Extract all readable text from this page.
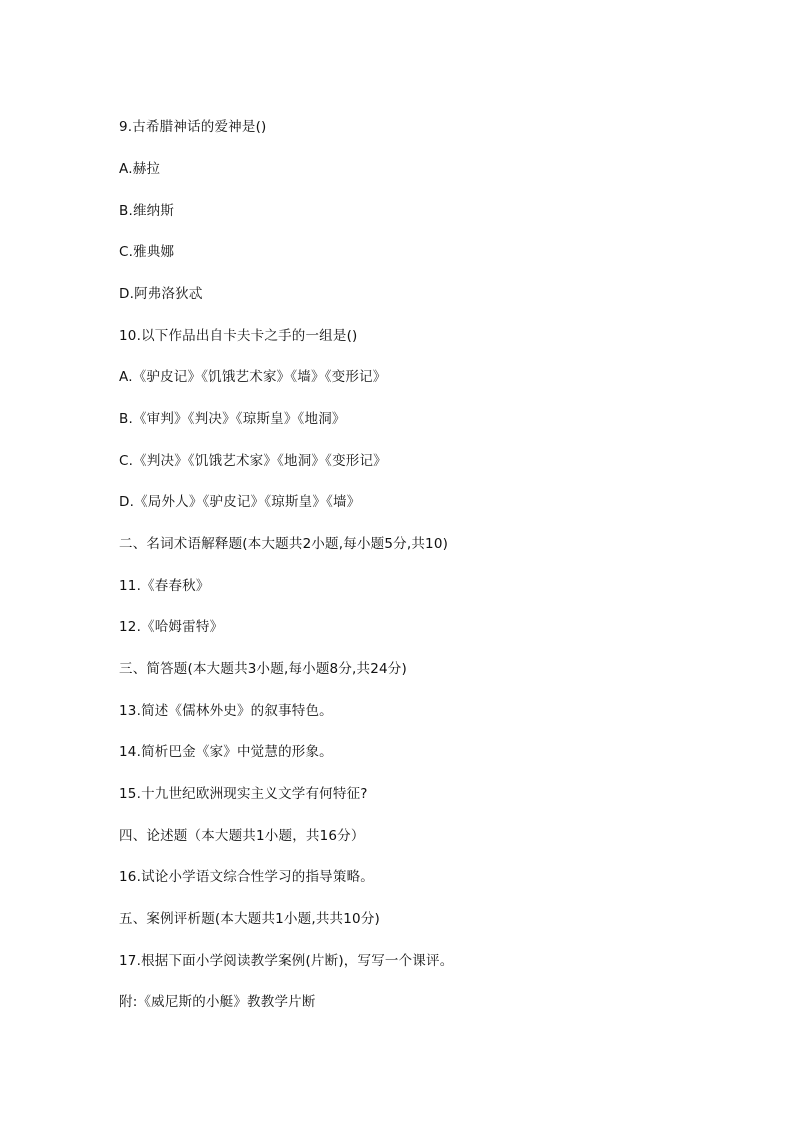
9.古希腊神话的爱神是()
A.赫拉
B.维纳斯
C.雅典娜
D.阿弗洛狄忒
10.以下作品出自卡夫卡之手的一组是()
A.《驴皮记》《饥饿艺术家》《墙》《变形记》
B.《审判》《判决》《琼斯皇》《地洞》
C.《判决》《饥饿艺术家》《地洞》《变形记》
D.《局外人》《驴皮记》《琼斯皇》《墙》
二、名词术语解释题(本大题共2小题,每小题5分,共10)
11.《春春秋》
12.《哈姆雷特》
三、简答题(本大题共3小题,每小题8分,共24分)
13.简述《儒林外史》的叙事特色。
14.简析巴金《家》中觉慧的形象。
15.十九世纪欧洲现实主义文学有何特征?
四、论述题（本大题共1小题，共16分）
16.试论小学语文综合性学习的指导策略。
五、案例评析题(本大题共1小题,共共10分)
17.根据下面小学阅读教学案例(片断)，写写一个课评。
附:《威尼斯的小艇》教教学片断
